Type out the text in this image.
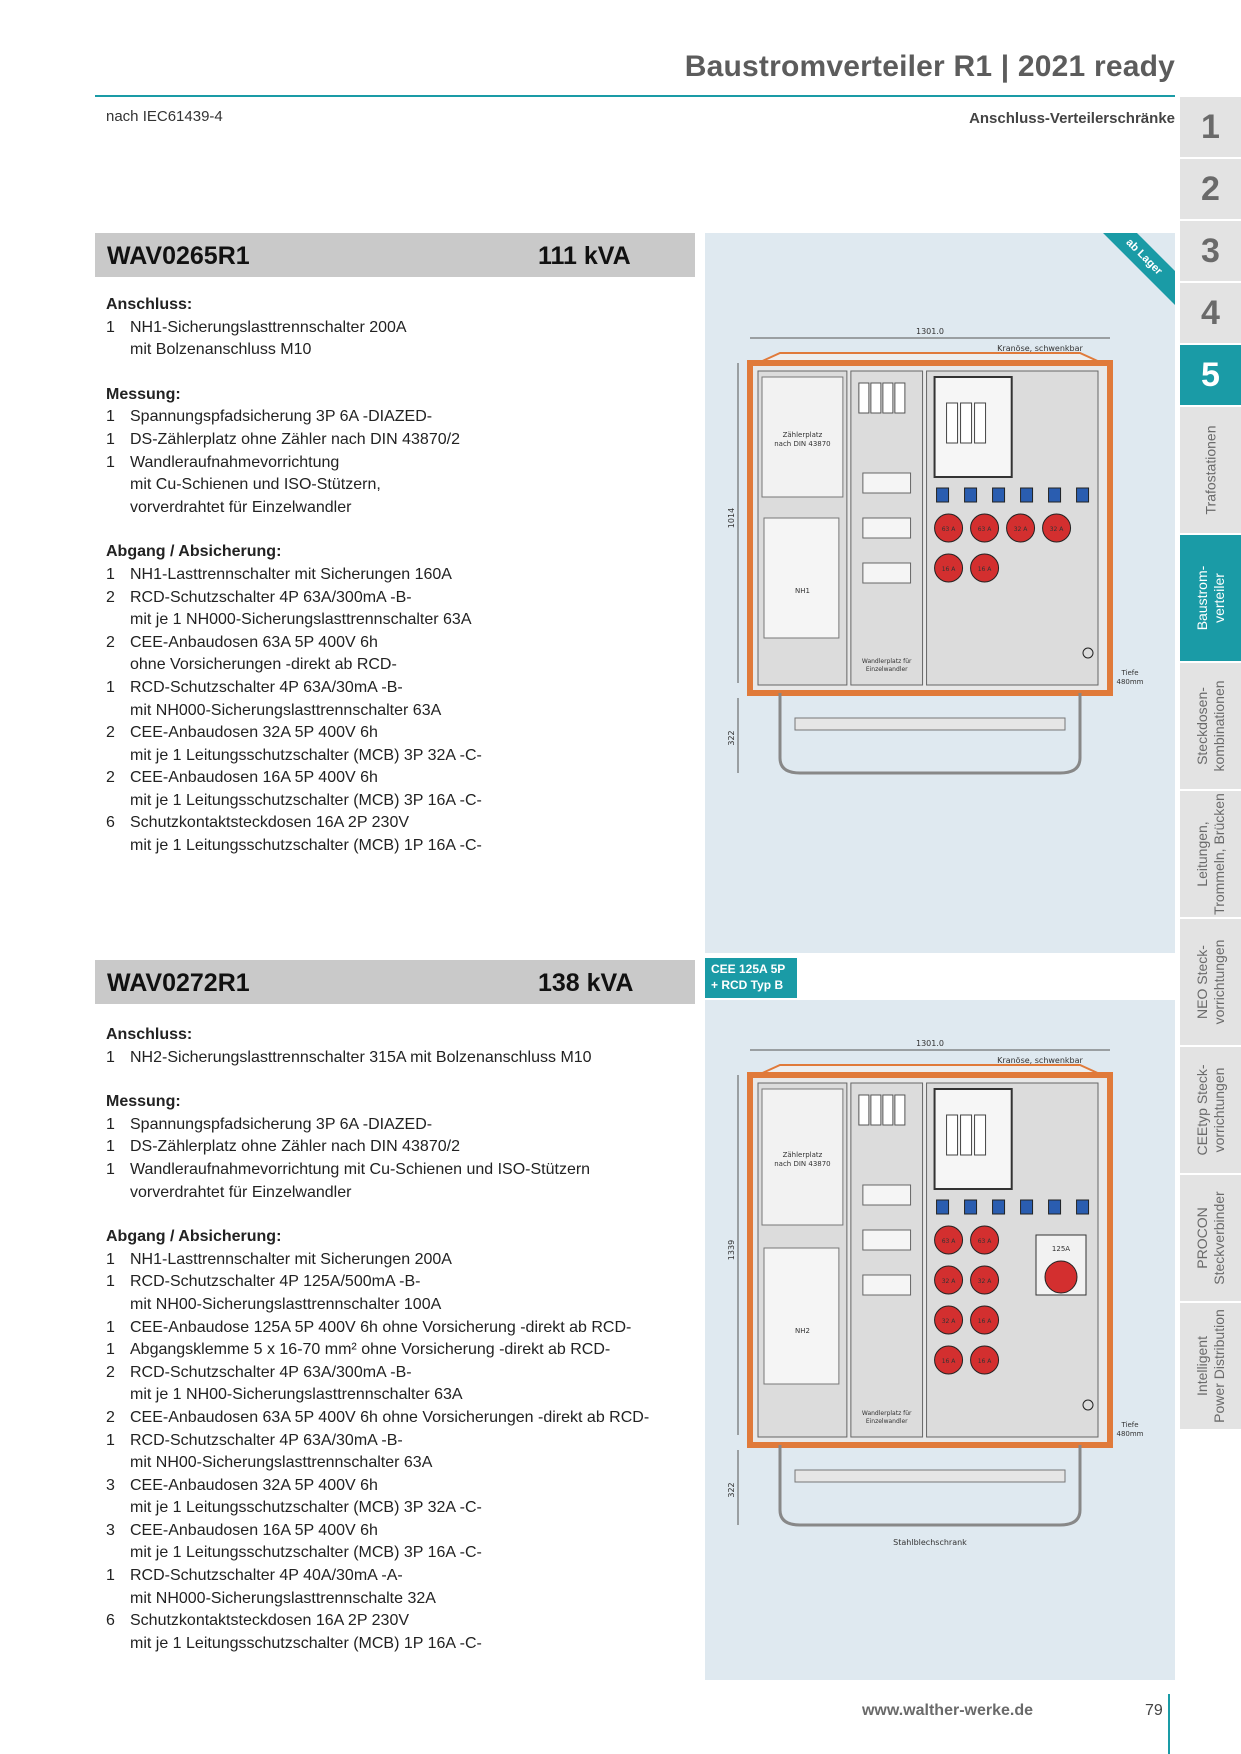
Baustromverteiler R1 | 2021 ready
nach IEC61439-4	Anschluss-Verteilerschränke 1
2
3
4
5
Trafostationen
Baustrom-
verteiler
Steckdosen-
kombinationen
Leitungen,
Trommeln, Brücken
NEO Steck-
vorrichtungen
CEEtyp Steck-
vorrichtungen
PROCON
Steckverbinder
Intelligent
Power Distribution
WAV0265R1	111 kVA
Anschluss:
1 NH1-Sicherungslasttrennschalter 200A
mit Bolzenanschluss M10
Messung:
1 Spannungspfadsicherung 3P 6A -DIAZED-
1 DS-Zählerplatz ohne Zähler nach DIN 43870/2
1 Wandleraufnahmevorrichtung
mit Cu-Schienen und ISO-Stützern,
vorverdrahtet für Einzelwandler
Abgang / Absicherung:
1 NH1-Lasttrennschalter mit Sicherungen 160A
2 RCD-Schutzschalter 4P 63A/300mA -B-
mit je 1 NH000-Sicherungslasttrennschalter 63A
2 CEE-Anbaudosen 63A 5P 400V 6h
ohne Vorsicherungen -direkt ab RCD-
1 RCD-Schutzschalter 4P 63A/30mA -B-
mit NH000-Sicherungslasttrennschalter 63A
2 CEE-Anbaudosen 32A 5P 400V 6h
mit je 1 Leitungsschutzschalter (MCB) 3P 32A -C-
2 CEE-Anbaudosen 16A 5P 400V 6h
mit je 1 Leitungsschutzschalter (MCB) 3P 16A -C-
6 Schutzkontaktsteckdosen 16A 2P 230V
mit je 1 Leitungsschutzschalter (MCB) 1P 16A -C-
ab Lager
1301.0
Kranöse, schwenkbar
1014
Zählerplatz
nach DIN 43870
NH1
Wandlerplatz für
Einzelwandler
63 A	63 A	32 A	32 A
16 A	16 A
Tiefe
480mm
322
WAV0272R1	138 kVA
Anschluss:
1 NH2-Sicherungslasttrennschalter 315A mit Bolzenanschluss M10
Messung:
1 Spannungspfadsicherung 3P 6A -DIAZED-
1 DS-Zählerplatz ohne Zähler nach DIN 43870/2
1 Wandleraufnahmevorrichtung mit Cu-Schienen und ISO-Stützern
vorverdrahtet für Einzelwandler
Abgang / Absicherung:
1 NH1-Lasttrennschalter mit Sicherungen 200A
1 RCD-Schutzschalter 4P 125A/500mA -B-
mit NH00-Sicherungslasttrennschalter 100A
1 CEE-Anbaudose 125A 5P 400V 6h ohne Vorsicherung -direkt ab RCD-
1 Abgangsklemme 5 x 16-70 mm² ohne Vorsicherung -direkt ab RCD-
2 RCD-Schutzschalter 4P 63A/300mA -B-
mit je 1 NH00-Sicherungslasttrennschalter 63A
2 CEE-Anbaudosen 63A 5P 400V 6h ohne Vorsicherungen -direkt ab RCD-
1 RCD-Schutzschalter 4P 63A/30mA -B-
mit NH00-Sicherungslasttrennschalter 63A
3 CEE-Anbaudosen 32A 5P 400V 6h
mit je 1 Leitungsschutzschalter (MCB) 3P 32A -C-
3 CEE-Anbaudosen 16A 5P 400V 6h
mit je 1 Leitungsschutzschalter (MCB) 3P 16A -C-
1 RCD-Schutzschalter 4P 40A/30mA -A-
mit NH000-Sicherungslasttrennschalte 32A
6 Schutzkontaktsteckdosen 16A 2P 230V
mit je 1 Leitungsschutzschalter (MCB) 1P 16A -C-
CEE 125A 5P
+ RCD Typ B
1301.0
Kranöse, schwenkbar
1339
Zählerplatz
nach DIN 43870
NH2
Wandlerplatz für
Einzelwandler
63 A	63 A
32 A	32 A
32 A	16 A
16 A	16 A
125A
Tiefe
480mm
322
Stahlblechschrank
www.walther-werke.de	79
